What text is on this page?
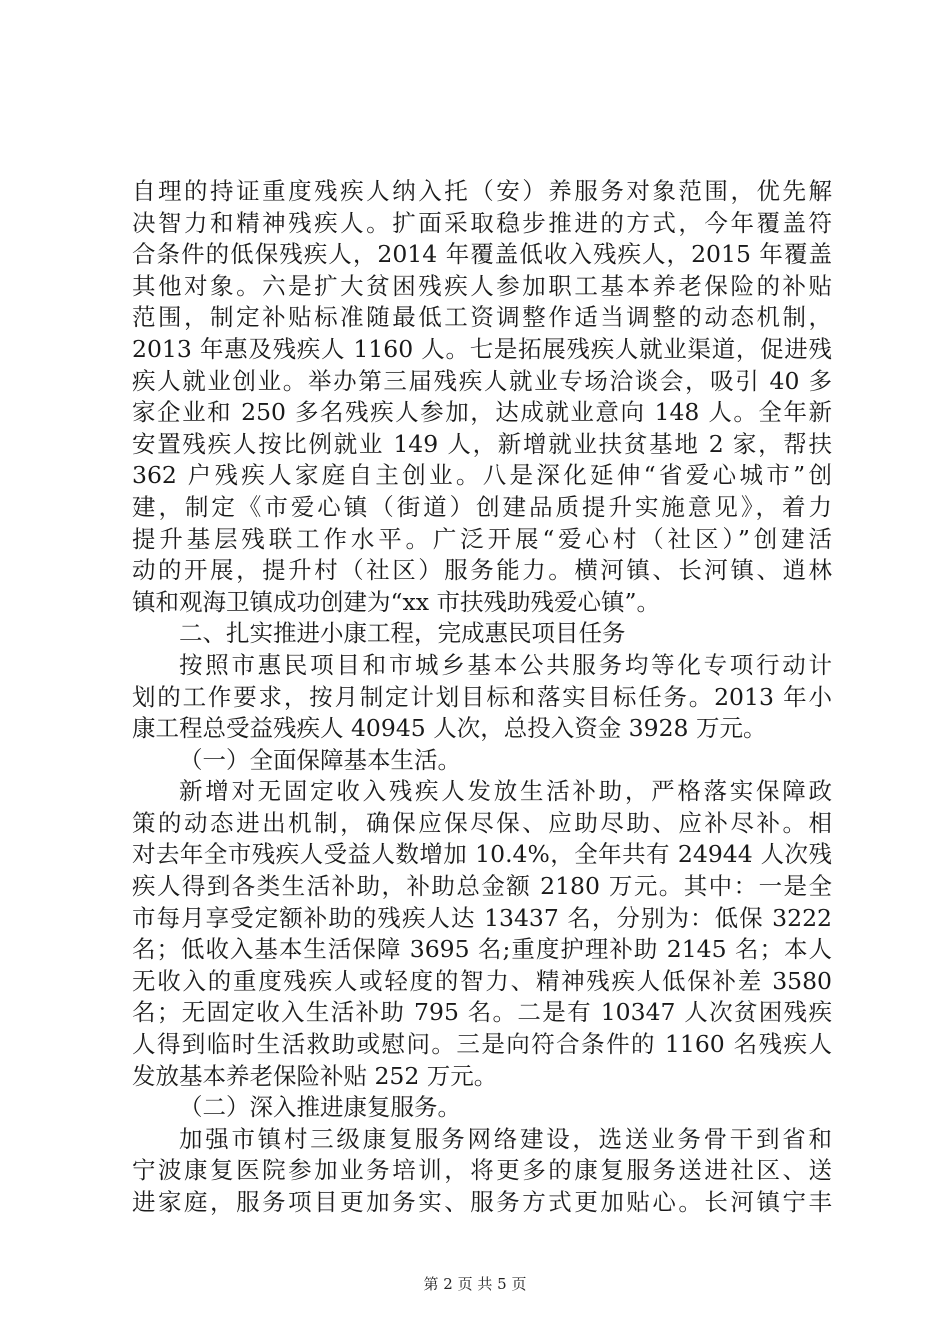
自理的持证重度残疾人纳入托（安）养服务对象范围，优先解
决智力和精神残疾人。扩面采取稳步推进的方式，今年覆盖符
合条件的低保残疾人，2014 年覆盖低收入残疾人，2015 年覆盖
其他对象。六是扩大贫困残疾人参加职工基本养老保险的补贴
范围，制定补贴标准随最低工资调整作适当调整的动态机制，
2013 年惠及残疾人 1160 人。七是拓展残疾人就业渠道，促进残
疾人就业创业。举办第三届残疾人就业专场洽谈会，吸引 40 多
家企业和 250 多名残疾人参加，达成就业意向 148 人。全年新
安置残疾人按比例就业 149 人，新增就业扶贫基地 2 家，帮扶
362 户残疾人家庭自主创业。八是深化延伸“省爱心城市”创
建，制定《市爱心镇（街道）创建品质提升实施意见》，着力
提升基层残联工作水平。广泛开展“爱心村（社区）”创建活
动的开展，提升村（社区）服务能力。横河镇、长河镇、逍林
镇和观海卫镇成功创建为“xx 市扶残助残爱心镇”。
二、扎实推进小康工程，完成惠民项目任务
按照市惠民项目和市城乡基本公共服务均等化专项行动计
划的工作要求，按月制定计划目标和落实目标任务。2013 年小
康工程总受益残疾人 40945 人次，总投入资金 3928 万元。
（一）全面保障基本生活。
新增对无固定收入残疾人发放生活补助，严格落实保障政
策的动态进出机制，确保应保尽保、应助尽助、应补尽补。相
对去年全市残疾人受益人数增加 10.4%，全年共有 24944 人次残
疾人得到各类生活补助，补助总金额 2180 万元。其中：一是全
市每月享受定额补助的残疾人达 13437 名，分别为：低保 3222
名；低收入基本生活保障 3695 名;重度护理补助 2145 名；本人
无收入的重度残疾人或轻度的智力、精神残疾人低保补差 3580
名；无固定收入生活补助 795 名。二是有 10347 人次贫困残疾
人得到临时生活救助或慰问。三是向符合条件的 1160 名残疾人
发放基本养老保险补贴 252 万元。
（二）深入推进康复服务。
加强市镇村三级康复服务网络建设，选送业务骨干到省和
宁波康复医院参加业务培训，将更多的康复服务送进社区、送
进家庭，服务项目更加务实、服务方式更加贴心。长河镇宁丰
第 2 页 共 5 页
